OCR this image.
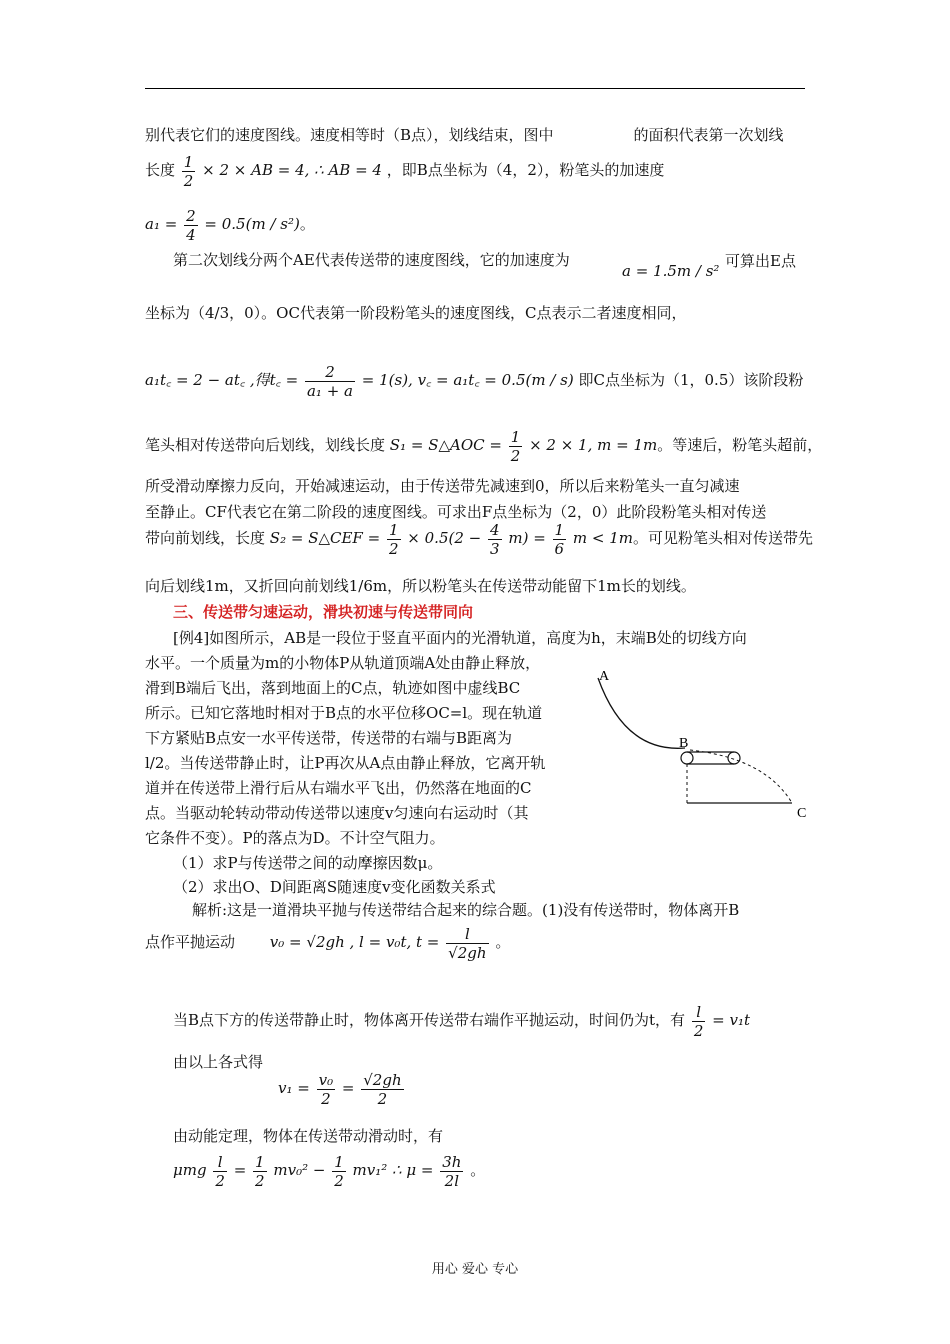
别代表它们的速度图线。速度相等时（B点），划线结束，图中	的面积代表第一次划线
长度 $\frac{1}{2} \times 2$ × AB = 4, ∴ AB = 4 ，即B点坐标为（4，2），粉笔头的加速度
$a_1 = \frac{2}{4} = 0.5(m / s^2)$。
第二次划线分两个AE代表传送带的速度图线，它的加速度为
a = 1.5m / s²
可算出E点
坐标为（4/3，0）。OC代表第一阶段粉笔头的速度图线，C点表示二者速度相同，
a₁t꜀ = 2 − at꜀ ,得t꜀ = $\frac{2}{\text{a₁ + a}} = 1(s)$, v꜀ = a₁t꜀ = 0.5(m / s) 即C点坐标为（1，0.5）该阶段粉
笔头相对传送带向后划线，划线长度 S₁ = S△AOC = $\frac{1}{2} \times 2 \times 1$, m = 1m。等速后，粉笔头超前，
所受滑动摩擦力反向，开始减速运动，由于传送带先减速到0，所以后来粉笔头一直匀减速
至静止。CF代表它在第二阶段的速度图线。可求出F点坐标为（2，0）此阶段粉笔头相对传送
带向前划线，长度 S₂ = S△CEF = $\frac{1}{2} \times 0.5(2 - \frac{4}{3} m) = \frac{1}{6}$ m < 1m。可见粉笔头相对传送带先
向后划线1m，又折回向前划线1/6m，所以粉笔头在传送带动能留下1m长的划线。
三、传送带匀速运动，滑块初速与传送带同向
[例4]如图所示，AB是一段位于竖直平面内的光滑轨道，高度为h，末端B处的切线方向
水平。一个质量为m的小物体P从轨道顶端A处由静止释放，
滑到B端后飞出，落到地面上的C点，轨迹如图中虚线BC
所示。已知它落地时相对于B点的水平位移OC=l。现在轨道
下方紧贴B点安一水平传送带，传送带的右端与B距离为
l/2。当传送带静止时，让P再次从A点由静止释放，它离开轨
道并在传送带上滑行后从右端水平飞出，仍然落在地面的C
点。当驱动轮转动带动传送带以速度v匀速向右运动时（其
它条件不变）。P的落点为D。不计空气阻力。
A
B
C
（1）求P与传送带之间的动摩擦因数μ。
（2）求出O、D间距离S随速度v变化函数关系式
解析:这是一道滑块平抛与传送带结合起来的综合题。(1)没有传送带时，物体离开B
点作平抛运动 v₀ = √2gh , l = v₀t, $t = \frac{l}{√2gh}$ 。
当B点下方的传送带静止时，物体离开传送带右端作平抛运动，时间仍为t，有 $\frac{l}{2} = v_1t$
由以上各式得
$v_1 = \frac{\text{v₀}}{2} = \frac{√2gh}{2}$
由动能定理，物体在传送带动滑动时，有
μmg $\frac{l}{2} = \frac{1}{2} mv_0^2 - \frac{1}{2} mv_1^2$ ∴ $\mu = \frac{3h}{2l}$ 。
用心 爱心 专心
